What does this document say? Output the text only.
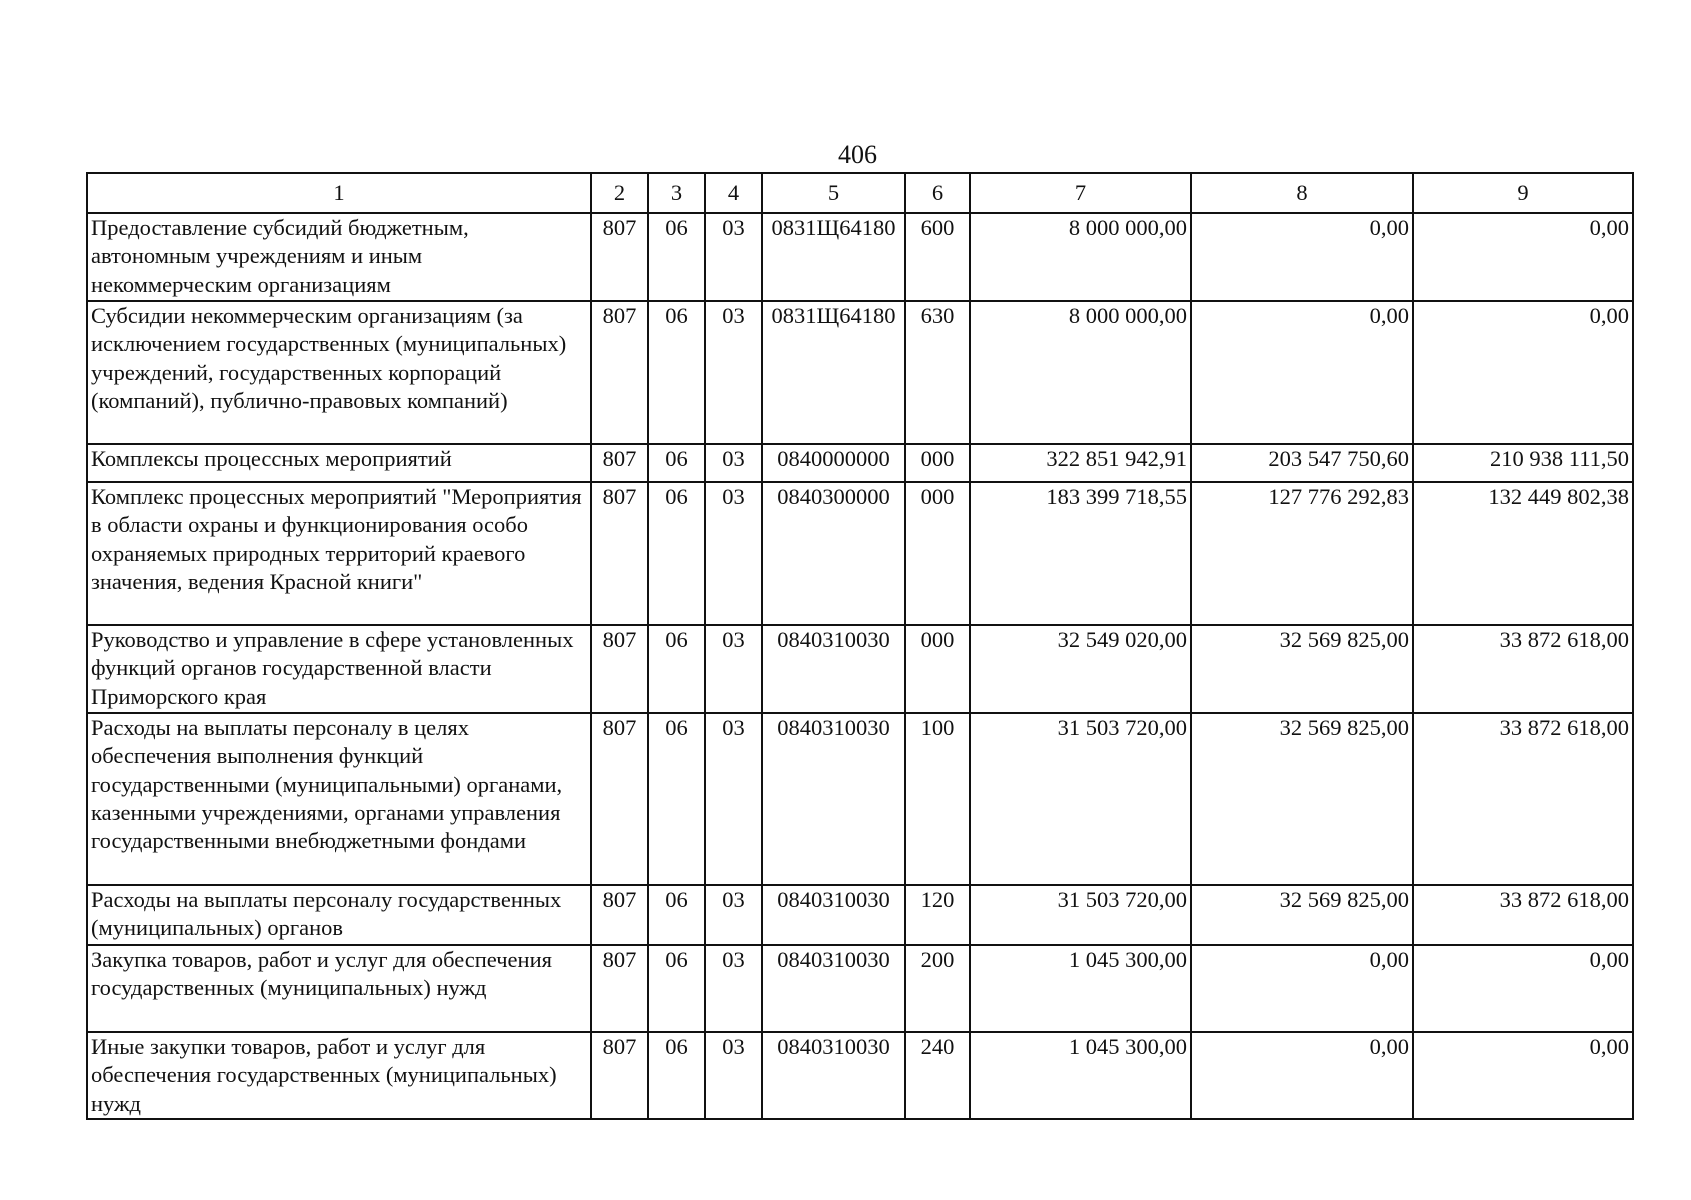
406
1	2	3	4	5	6	7	8	9
Предоставление субсидий бюджетным, автономным учреждениям и иным некоммерческим организациям	807	06	03	0831Щ64180	600	8 000 000,00	0,00	0,00
Субсидии некоммерческим организациям (за исключением государственных (муниципальных) учреждений, государственных корпораций (компаний), публично-правовых компаний)	807	06	03	0831Щ64180	630	8 000 000,00	0,00	0,00
Комплексы процессных мероприятий	807	06	03	0840000000	000	322 851 942,91	203 547 750,60	210 938 111,50
Комплекс процессных мероприятий "Мероприятия в области охраны и функционирования особо охраняемых природных территорий краевого значения, ведения Красной книги"	807	06	03	0840300000	000	183 399 718,55	127 776 292,83	132 449 802,38
Руководство и управление в сфере установленных функций органов государственной власти Приморского края	807	06	03	0840310030	000	32 549 020,00	32 569 825,00	33 872 618,00
Расходы на выплаты персоналу в целях обеспечения выполнения функций государственными (муниципальными) органами, казенными учреждениями, органами управления государственными внебюджетными фондами	807	06	03	0840310030	100	31 503 720,00	32 569 825,00	33 872 618,00
Расходы на выплаты персоналу государственных (муниципальных) органов	807	06	03	0840310030	120	31 503 720,00	32 569 825,00	33 872 618,00
Закупка товаров, работ и услуг для обеспечения государственных (муниципальных) нужд	807	06	03	0840310030	200	1 045 300,00	0,00	0,00
Иные закупки товаров, работ и услуг для обеспечения государственных (муниципальных) нужд	807	06	03	0840310030	240	1 045 300,00	0,00	0,00
